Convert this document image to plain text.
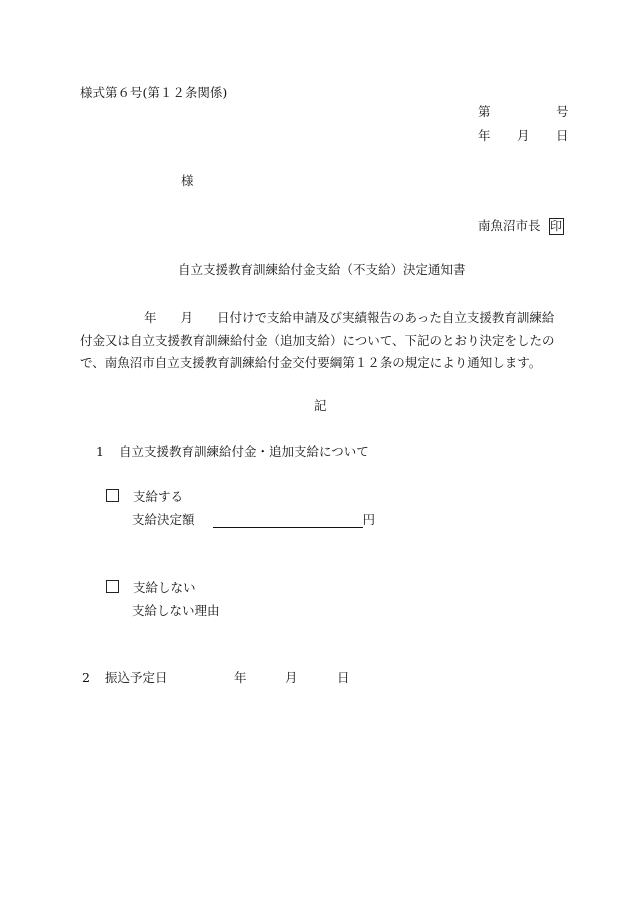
様式第６号(第１２条関係)
第	号
年 月 日
様
南魚沼市長 印
自立支援教育訓練給付金支給（不支給）決定通知書
年 月 日付けで支給申請及び実績報告のあった自立支援教育訓練給
付金又は自立支援教育訓練給付金（追加支給）について、下記のとおり決定をしたの
で、南魚沼市自立支援教育訓練給付金交付要綱第１２条の規定により通知します。
記
1 自立支援教育訓練給付金・追加支給について
支給する
支給決定額	円
支給しない
支給しない理由
2 振込予定日	年	月	日
